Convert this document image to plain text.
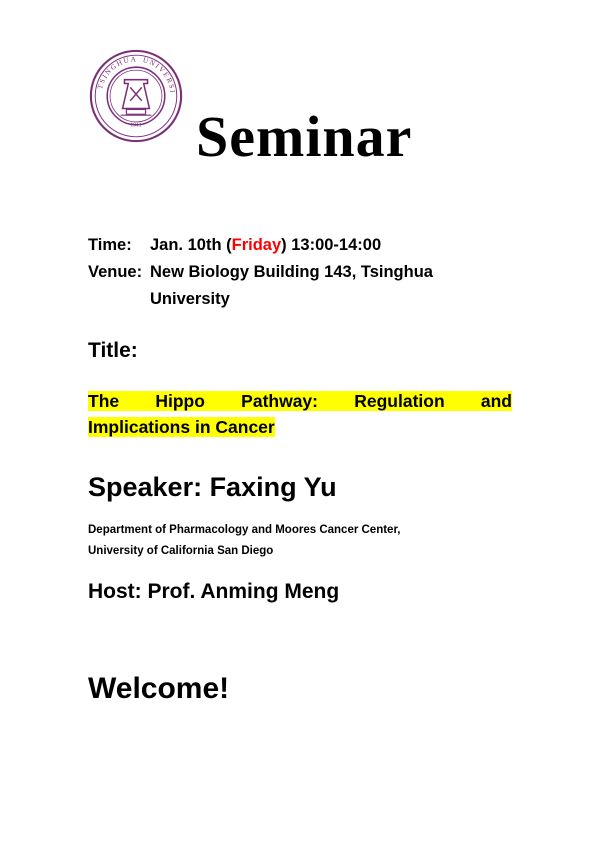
TSINGHUA UNIVERSI
1911 Seminar
Time:	Jan. 10th (Friday) 13:00-14:00
Venue: New Biology Building 143, Tsinghua
University
Title:
The Hippo Pathway: Regulation and
Implications in Cancer
Speaker: Faxing Yu
Department of Pharmacology and Moores Cancer Center,
University of California San Diego
Host: Prof. Anming Meng
Welcome!
